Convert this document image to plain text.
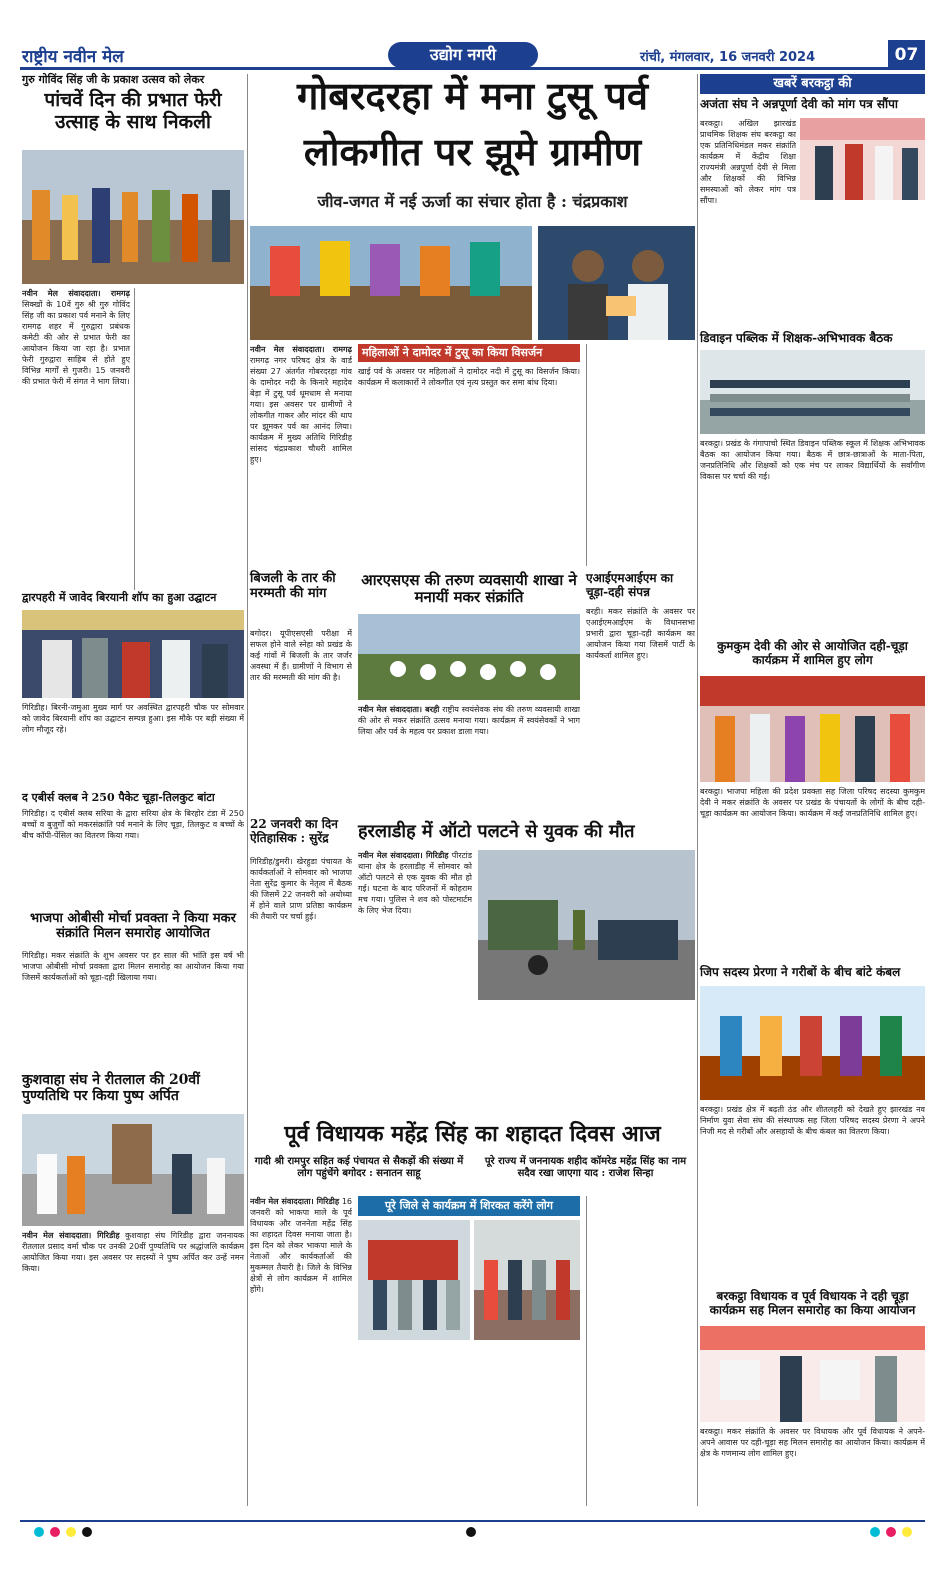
राष्ट्रीय नवीन मेल	उद्योग नगरी	रांची, मंगलवार, 16 जनवरी 2024	07
गुरु गोविंद सिंह जी के प्रकाश उत्सव को लेकर
पांचवें दिन की प्रभात फेरी उत्साह के साथ निकली
नवीन मेल संवाददाता। रामगढ़ सिक्खों के 10वें गुरु श्री गुरु गोविंद सिंह जी का प्रकाश पर्व मनाने के लिए रामगढ़ शहर में गुरुद्वारा प्रबंधक कमेटी की ओर से प्रभात फेरी का आयोजन किया जा रहा है। प्रभात फेरी गुरुद्वारा साहिब से होते हुए विभिन्न मार्गों से गुजरी। 15 जनवरी की प्रभात फेरी में संगत ने भाग लिया।
द्वारपहरी में जावेद बिरयानी शॉप का हुआ उद्घाटन
गिरिडीह। बिरनी-जमुआ मुख्य मार्ग पर अवस्थित द्वारपहरी चौक पर सोमवार को जावेद बिरयानी शॉप का उद्घाटन सम्पन्न हुआ। इस मौके पर बड़ी संख्या में लोग मौजूद रहे।
द एबीर्स क्लब ने 250 पैकेट चूड़ा-तिलकुट बांटा
गिरिडीह। द एबीर्स क्लब सरिया के द्वारा सरिया क्षेत्र के बिरहोर टंडा में 250 बच्चों व बुजुर्गों को मकरसंक्रांति पर्व मनाने के लिए चूड़ा, तिलकुट व बच्चों के बीच कॉपी-पेंसिल का वितरण किया गया।
भाजपा ओबीसी मोर्चा प्रवक्ता ने किया मकर संक्रांति मिलन समारोह आयोजित
गिरिडीह। मकर संक्रांति के शुभ अवसर पर हर साल की भांति इस वर्ष भी भाजपा ओबीसी मोर्चा प्रवक्ता द्वारा मिलन समारोह का आयोजन किया गया जिसमें कार्यकर्ताओं को चूड़ा-दही खिलाया गया।
कुशवाहा संघ ने रीतलाल की 20वीं पुण्यतिथि पर किया पुष्प अर्पित
नवीन मेल संवाददाता। गिरिडीह कुशवाहा संघ गिरिडीह द्वारा जननायक रीतलाल प्रसाद वर्मा चौक पर उनकी 20वीं पुण्यतिथि पर श्रद्धांजलि कार्यक्रम आयोजित किया गया। इस अवसर पर सदस्यों ने पुष्प अर्पित कर उन्हें नमन किया।
गोबरदरहा में मना टुसू पर्व
लोकगीत पर झूमे ग्रामीण
जीव-जगत में नई ऊर्जा का संचार होता है : चंद्रप्रकाश
नवीन मेल संवाददाता। रामगढ़ रामगढ़ नगर परिषद क्षेत्र के वार्ड संख्या 27 अंतर्गत गोबरदरहा गांव के दामोदर नदी के किनारे महादेव बेड़ा में टुसू पर्व धूमधाम से मनाया गया। इस अवसर पर ग्रामीणों ने लोकगीत गाकर और मांदर की थाप पर झूमकर पर्व का आनंद लिया। कार्यक्रम में मुख्य अतिथि गिरिडीह सांसद चंद्रप्रकाश चौधरी शामिल हुए।
महिलाओं ने दामोदर में टुसू का किया विसर्जन
खाई पर्व के अवसर पर महिलाओं ने दामोदर नदी में टुसू का विसर्जन किया। कार्यक्रम में कलाकारों ने लोकगीत एवं नृत्य प्रस्तुत कर समा बांध दिया।
बिजली के तार की मरम्मती की मांग
बगोदर। यूपीएसएसी परीक्षा में सफल होने वाले स्नेहा को प्रखंड के कई गांवों में बिजली के तार जर्जर अवस्था में हैं। ग्रामीणों ने विभाग से तार की मरम्मती की मांग की है।
22 जनवरी का दिन ऐतिहासिक : सुरेंद्र
गिरिडीह/डुमरी। खेरहुडा पंचायत के कार्यकर्ताओं ने सोमवार को भाजपा नेता सुरेंद्र कुमार के नेतृत्व में बैठक की जिसमें 22 जनवरी को अयोध्या में होने वाले प्राण प्रतिष्ठा कार्यक्रम की तैयारी पर चर्चा हुई।
आरएसएस की तरुण व्यवसायी शाखा ने मनायीं मकर संक्रांति
नवीन मेल संवाददाता। बरही राष्ट्रीय स्वयंसेवक संघ की तरुण व्यवसायी शाखा की ओर से मकर संक्रांति उत्सव मनाया गया। कार्यक्रम में स्वयंसेवकों ने भाग लिया और पर्व के महत्व पर प्रकाश डाला गया।
एआईएमआईएम का चूड़ा-दही संपन्न
बरही। मकर संक्रांति के अवसर पर एआईएमआईएम के विधानसभा प्रभारी द्वारा चूड़ा-दही कार्यक्रम का आयोजन किया गया जिसमें पार्टी के कार्यकर्ता शामिल हुए।
हरलाडीह में ऑटो पलटने से युवक की मौत
नवीन मेल संवाददाता। गिरिडीह पीरटांड थाना क्षेत्र के हरलाडीह में सोमवार को ऑटो पलटने से एक युवक की मौत हो गई। घटना के बाद परिजनों में कोहराम मच गया। पुलिस ने शव को पोस्टमार्टम के लिए भेज दिया।
पूर्व विधायक महेंद्र सिंह का शहादत दिवस आज
गादी श्री रामपुर सहित कई पंचायत से सैकड़ों की संख्या में लोग पहुंचेंगे बगोदर : सनातन साहू
पूरे राज्य में जननायक शहीद कॉमरेड महेंद्र सिंह का नाम सदैव रखा जाएगा याद : राजेश सिन्हा
नवीन मेल संवाददाता। गिरिडीह 16 जनवरी को भाकपा माले के पूर्व विधायक और जननेता महेंद्र सिंह का शहादत दिवस मनाया जाता है। इस दिन को लेकर भाकपा माले के नेताओं और कार्यकर्ताओं की मुकम्मल तैयारी है। जिले के विभिन्न क्षेत्रों से लोग कार्यक्रम में शामिल होंगे।
पूरे जिले से कार्यक्रम में शिरकत करेंगे लोग
खबरें बरकट्ठा की
अजंता संघ ने अन्नपूर्णा देवी को मांग पत्र सौंपा
बरकट्ठा। अखिल झारखंड प्राथमिक शिक्षक संघ बरकट्ठा का एक प्रतिनिधिमंडल मकर संक्रांति कार्यक्रम में केंद्रीय शिक्षा राज्यमंत्री अन्नपूर्णा देवी से मिला और शिक्षकों की विभिन्न समस्याओं को लेकर मांग पत्र सौंपा।
डिवाइन पब्लिक में शिक्षक-अभिभावक बैठक
बरकट्ठा। प्रखंड के गंगापाचो स्थित डिवाइन पब्लिक स्कूल में शिक्षक अभिभावक बैठक का आयोजन किया गया। बैठक में छात्र-छात्राओं के माता-पिता, जनप्रतिनिधि और शिक्षकों को एक मंच पर लाकर विद्यार्थियों के सर्वांगीण विकास पर चर्चा की गई।
कुमकुम देवी की ओर से आयोजित दही-चूड़ा कार्यक्रम में शामिल हुए लोग
बरकट्ठा। भाजपा महिला की प्रदेश प्रवक्ता सह जिला परिषद सदस्या कुमकुम देवी ने मकर संक्रांति के अवसर पर प्रखंड के पंचायतों के लोगों के बीच दही-चूड़ा कार्यक्रम का आयोजन किया। कार्यक्रम में कई जनप्रतिनिधि शामिल हुए।
जिप सदस्य प्रेरणा ने गरीबों के बीच बांटे कंबल
बरकट्ठा। प्रखंड क्षेत्र में बढ़ती ठंड और शीतलहरी को देखते हुए झारखंड नव निर्माण युवा सेवा संघ की संस्थापक सह जिला परिषद सदस्य प्रेरणा ने अपने निजी मद से गरीबों और असहायों के बीच कंबल का वितरण किया।
बरकट्ठा विधायक व पूर्व विधायक ने दही चूड़ा कार्यक्रम सह मिलन समारोह का किया आयोजन
बरकट्ठा। मकर संक्रांति के अवसर पर विधायक और पूर्व विधायक ने अपने-अपने आवास पर दही-चूड़ा सह मिलन समारोह का आयोजन किया। कार्यक्रम में क्षेत्र के गणमान्य लोग शामिल हुए।
